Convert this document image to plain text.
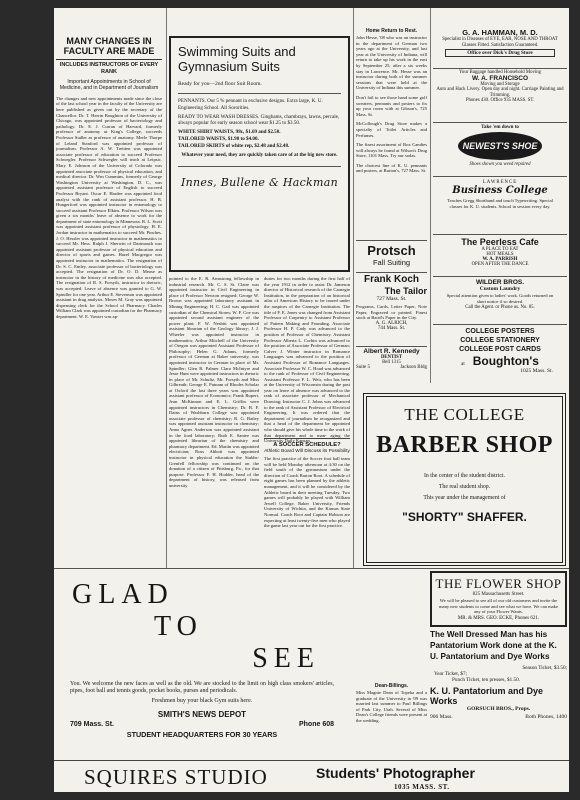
MANY CHANGES IN FACULTY ARE MADE
INCLUDES INSTRUCTORS OF EVERY RANK
Important Appointments in School of Medicine, and in Department of Journalism
The changes and new appointments made since the close of the last school year in the faculty of the University are here published as given out by the secretary of the Chancellor. Dr. T. Herrin Boughton of the University of Chicago, was appointed professor of bacteriology and pathology. Dr. E. J. Curran of Harvard, formerly professor of anatomy at King's College, succeeds Professor Sudler as professor of anatomy. Merle Thorpe of Leland Stanford was appointed professor of journalism. Professor A. W. Trettien was appointed associate professor of education to succeed Professor Schwegler. Professor Schwegler will teach at Leipsic. Mary E. Johnson of the University of Colorado was appointed associate professor of physical education, and medical director. Dr. Wm Cummins, formerly of George Washington University at Washington, D. C., was appointed assistant professor of English to succeed Professor Bryant. Oscar E. Hardee was appointed food analyst with the rank of assistant professor. H. B. Hungerford was appointed instructor in entomology to succeed assistant Professor Elkins. Professor Wilson was given a six months' leave of absence to work for the department of state entomology in Minnesota. R. L. Scott was appointed assistant professor of physiology. H. E. Jordan instructor in mathematics to succeed Mr. Pinches. J. O. Hessler was appointed instructor in mathematics to succeed Mr. Hess. Ralph J. Sherwin of Dartmouth was appointed assistant professor of physical education and director of sports and games. Hazel Macgregor was appointed instructor in mathematics. The resignation of Dr. S. C. Emley, associate professor of bacteriology was accepted. The resignation of Dr. O. D. Mease as instructor in the history of medicine was also accepted. The resignation of R. S. Forsyth, instructor in rhetoric, was accepted. Leave of absence was granted to G. W. Spindler for one year. Arthur E. Stevenson was appointed assistant in drug analysis. Moses M. Gray was appointed dispensing clerk for the School of Pharmacy. Charles William Clark was appointed custodian for the Pharmacy department. W. E. Vawter was ap-
Swimming Suits and
Gymnasium Suits
Ready for you—2nd floor Suit Room.
PENNANTS. Our 5 % pennant in exclusive designs. Extra large, K. U. Engineering School. All Sororities.
READY TO WEAR WASH DRESSES. Ginghams, chambrays, lawns, percale, always popular for early season school wear $1.25 to $3.50.
WHITE SHIRT WAISTS, 98c, $1.69 and $2.50.
TAILORED WAISTS, $1.98 to $4.00.
TAILORED SKIRTS of white rep, $2.48 and $2.48.
Whatever your need, they are quickly taken care of at the big new store.
Innes, Bullene & Hackman
pointed to the E. R. Armstrong fellowship in industrial research. Mr. C. S. St. Claire was appointed instructor in Civil Engineering in place of Professor Newton resigned; George W. Brown was appointed laboratory assistant in Mining Engineering; H. C. Gail was appointed custodian of the Chemical Stores; W. F. Coe was appointed second assistant engineer of the power plant; F. W. Nesbitt was appointed assistant librarian of the Geology library; J. J. Wheeler was appointed instructor in mathematics; Arthur Mitchell of the University of Oregon was appointed Assistant Professor of Philosophy; Helen G. Adams, formerly professor of German at Baker university, was appointed instructor in German in place of Mr. Spindler; Glen R. Palmer Clara McIntyre and Jesse Hunt were appointed instructors in rhetoric in place of Mr. Schultz, Mr. Forsyth and Miss Gilbreath; George E. Putnam of Rhodes Scholar at Oxford the last three years was appointed assistant professor of Economics; Frank Rupert, Jean McKinnon and E. L. Griffin were appointed instructors in Chemistry; Dr. B. F. Dains of Washburn College was appointed associate professor of chemistry; R. G. Bailey was appointed assistant instructor in chemistry; Anna Agnes Anderson was appointed assistant in the food laboratory; Ruth E. Santee was appointed librarian of the chemistry and pharmacy department. Ed. Martin was appointed electrician; Ross Abbott was appointed instructor in physical education the Stubbs-Grenfell fellowship was continued on the donation of a citizen of Pittsburg, Pa., for that purpose. Professor F. H. Hodder, head of the department of history, was released from university
duties for two months during the first half of the year 1912 in order to assist Dr. Jameson director of Historical research of the Carnegie Institution, in the preparation of an historical atlas of American History to be issued under the auspices of the Carnegie Institution. The title of F. E. Jones was changed from Assistant Professor of Carpentry to Assistant Professor of Pattern Making and Founding. Associate Professor H. P. Cady was advanced to the position of Professor of Chemistry. Assistant Professor Alberta L. Corbin was advanced to the position of Associate Professor of German; Calver J. Winter instructor in Romance Languages was advanced to the position of Assistant Professor of Romance Languages. Associate Professor W. C. Hoad was advanced to the rank of Professor of Civil Engineering. Assistant Professor F. L. Weir, who has been at the University of Wisconsin during the past year on leave of absence was advanced to the rank of associate professor of Mechanical Drawing; Instructor C. J. Johns was advanced to the rank of Assistant Professor of Electrical Engineering. It was ordered that the department of journalism be reorganized and that a head of the department be appointed who should give his whole time to the work of that department and to man- aging the University Daily Kansan.
A SOCCER SCHEDULE?
Athletic Board Will Discuss its Possibility
The first practice of the Soccer foot ball team will be held Monday afternoon at 4:30 on the field south of the gymnasium under the direction of Coach Barton Root. A schedule of eight games has been planned by the athletic management, and it will be considered by the Athletic board in their meeting Tuesday. Two games will probably be played with William Jewell College, Baker University, Friends University of Wichita, and the Kansas State Normal. Coach Root and Captain Hobson are expecting at least twenty-five men who played the game last year out for the first practice.
Home Return to Rest.
John Hesse, '08 who was an instructor in the department of German two years ago at the University, and last year at the University of Indiana, will return to take up his work in the east by September 25, after a six weeks stay in Lawrence. Mr. Hesse was an instructor during both of the summer sessions that were held at the University of Indiana this summer.
Don't fail to see those hand some golf sweaters, pennants and posters to fix up your room with at Gibson's, 725 Mass. St.
McCollough's Drug Store makes a specialty of Toilet Articles and Perfumes.
The finest assortment of Box Candies will always be found at Wilson's Drug Store, 1101 Mass. Try our sodas.
The choicest line of K. U. pennants and posters, at Burton's, 727 Mass. St.
Protsch
Fall Suiting
Frank Koch
The Tailor
727 Mass. St.
Programs, Cards, Letter Paper, Note Paper, Engraved or printed. Finest stock at Baird's Paper in the City.
A. G. ALRICH,
744 Mass. St.
Albert R. Kennedy
DENTIST
Bell 1315
Suite 5	Jackson Bldg
G. A. HAMMAN, M. D.
Specialist in Diseases of EYE, EAR, NOSE AND THROAT
Glasses Fitted. Satisfaction Guaranteed.
Office over Dick's Drug Store
Your Baggage handled Household Moving
W. A. FRANCISCO
Moving and Storage
Auto and Hack Livery. Open day and night. Carriage Painting and Trimming.
Phones 430. Office 935 MASS. ST.
Take 'em down to
NEWEST'S SHOE
Shoes shown you weed repaired
LAWRENCE
Business College
Teaches Gregg Shorthand and touch Typewriting. Special classes for K. U. students. School in session every day.
The Peerless Cafe
A PLACE TO EAT
HOT MEALS
W. A. PARRISH
OPEN AFTER THE DANCE
WILDER BROS.
Custom Laundry
Special attention given to ladies' work. Goods returned on short notice if so desired.
Call the Agent. or Phone us. No. 85.
COLLEGE POSTERS
COLLEGE STATIONERY
COLLEGE POST CARDS
at Boughton's
1025 Mass. St.
THE COLLEGE
BARBER SHOP
In the center of the student district.
The real student shop.
This year under the management of
"SHORTY" SHAFFER.
GLAD
TO
SEE
You. We welcome the new faces as well as the old. We are stocked to the limit on high class smokers' articles, pipes, foot ball and tennis goods, pocket books, purses and periodicals.
Freshmen buy your black Gym suits here.
SMITH'S NEWS DEPOT
709 Mass. St.	Phone 608
STUDENT HEADQUARTERS FOR 30 YEARS
Dean-Billings.
Miss Magnie Dean of Topeka and a graduate of the University in '09 was married last summer to Paul Billings of Park City, Utah. Several of Miss Dean's College friends were present at the wedding.
THE FLOWER SHOP
825 Massachusetts Street.
We will be pleased to see all of our old customers and invite the many new students to come and see what we have. We can make any of your Flower Wants.
MR. & MRS. GEO. ECKE, Phones 621.
The Well Dressed Man has his Pantatorium Work done at the K. U. Pantatorium and Dye Works
Season Ticket, $3.50;
Year Ticket, $7;
Punch Ticket, ten presses, $1.50.
K. U. Pantatorium and Dye Works
GORSUCH BROS., Props.
906 Mass.	Both Phones, 1400
SQUIRES STUDIO	Students' Photographer
1035 MASS. ST.
